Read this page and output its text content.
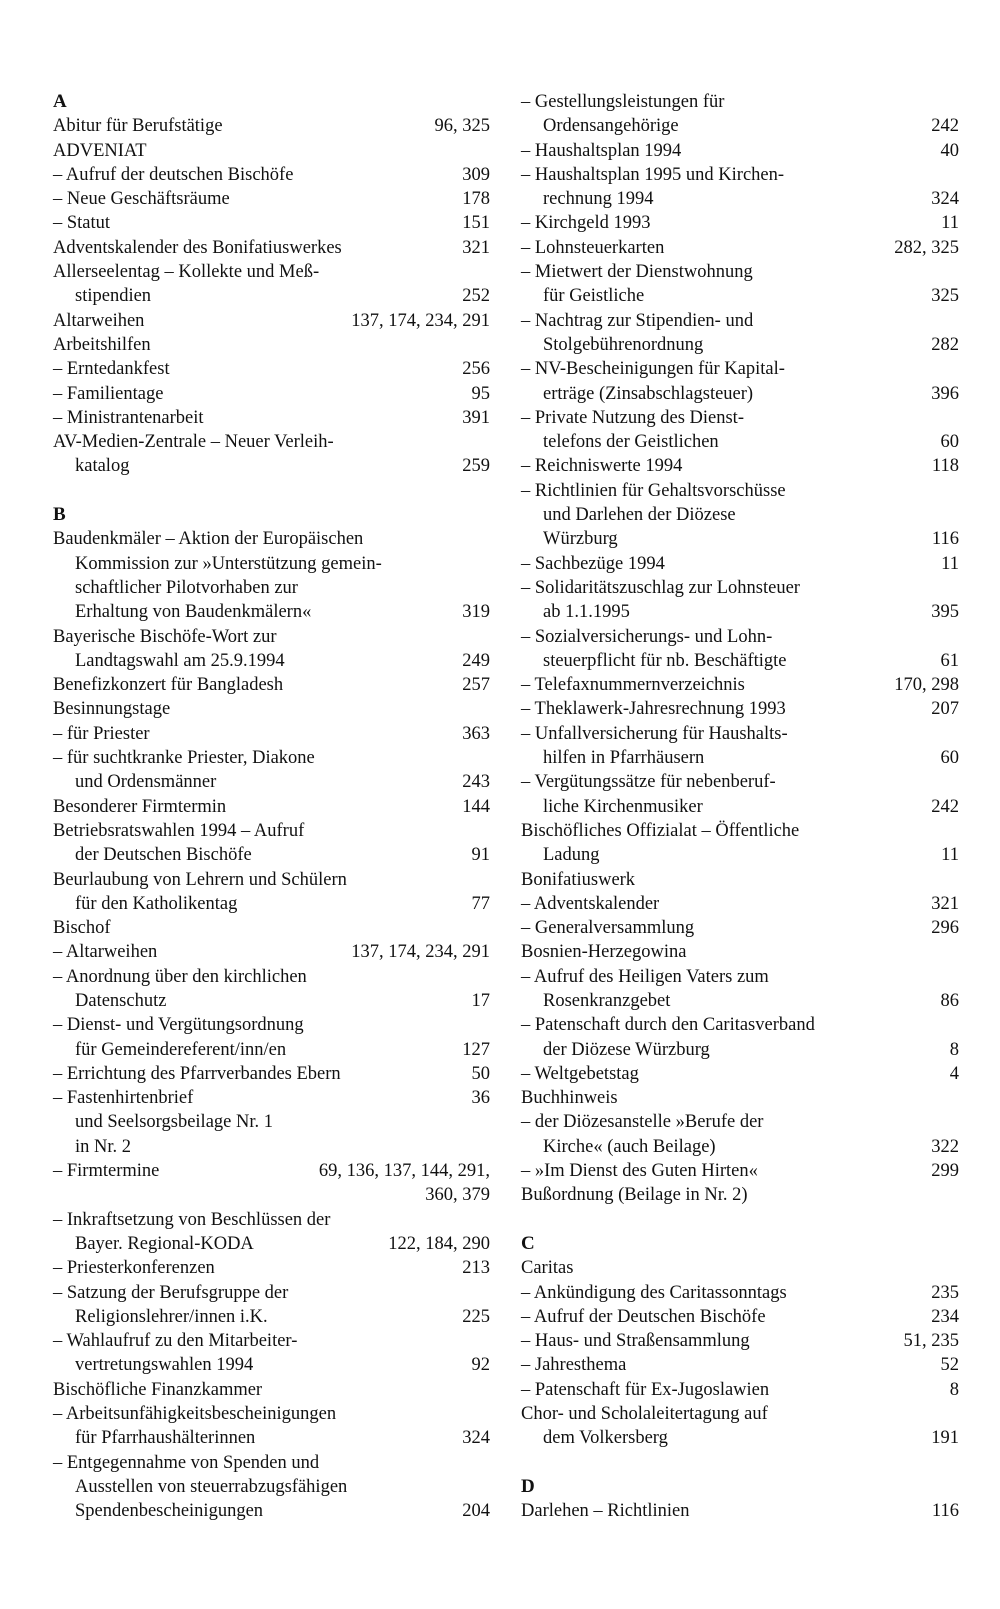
A
Abitur für Berufstätige	96, 325
ADVENIAT
– Aufruf der deutschen Bischöfe	309
– Neue Geschäftsräume	178
– Statut	151
Adventskalender des Bonifatiuswerkes	321
Allerseelentag – Kollekte und Meß-
stipendien	252
Altarweihen	137, 174, 234, 291
Arbeitshilfen
– Erntedankfest	256
– Familientage	95
– Ministrantenarbeit	391
AV-Medien-Zentrale – Neuer Verleih-
katalog	259
B
Baudenkmäler – Aktion der Europäischen
Kommission zur »Unterstützung gemein-
schaftlicher Pilotvorhaben zur
Erhaltung von Baudenkmälern«	319
Bayerische Bischöfe-Wort zur
Landtagswahl am 25.9.1994	249
Benefizkonzert für Bangladesh	257
Besinnungstage
– für Priester	363
– für suchtkranke Priester, Diakone
und Ordensmänner	243
Besonderer Firmtermin	144
Betriebsratswahlen 1994 – Aufruf
der Deutschen Bischöfe	91
Beurlaubung von Lehrern und Schülern
für den Katholikentag	77
Bischof
– Altarweihen	137, 174, 234, 291
– Anordnung über den kirchlichen
Datenschutz	17
– Dienst- und Vergütungsordnung
für Gemeindereferent/inn/en	127
– Errichtung des Pfarrverbandes Ebern	50
– Fastenhirtenbrief	36
und Seelsorgsbeilage Nr. 1
in Nr. 2
– Firmtermine	69, 136, 137, 144, 291,
360, 379
– Inkraftsetzung von Beschlüssen der
Bayer. Regional-KODA	122, 184, 290
– Priesterkonferenzen	213
– Satzung der Berufsgruppe der
Religionslehrer/innen i.K.	225
– Wahlaufruf zu den Mitarbeiter-
vertretungswahlen 1994	92
Bischöfliche Finanzkammer
– Arbeitsunfähigkeitsbescheinigungen
für Pfarrhaushälterinnen	324
– Entgegennahme von Spenden und
Ausstellen von steuerrabzugsfähigen
Spendenbescheinigungen	204
– Gestellungsleistungen für
Ordensangehörige	242
– Haushaltsplan 1994	40
– Haushaltsplan 1995 und Kirchen-
rechnung 1994	324
– Kirchgeld 1993	11
– Lohnsteuerkarten	282, 325
– Mietwert der Dienstwohnung
für Geistliche	325
– Nachtrag zur Stipendien- und
Stolgebührenordnung	282
– NV-Bescheinigungen für Kapital-
erträge (Zinsabschlagsteuer)	396
– Private Nutzung des Dienst-
telefons der Geistlichen	60
– Reichniswerte 1994	118
– Richtlinien für Gehaltsvorschüsse
und Darlehen der Diözese
Würzburg	116
– Sachbezüge 1994	11
– Solidaritätszuschlag zur Lohnsteuer
ab 1.1.1995	395
– Sozialversicherungs- und Lohn-
steuerpflicht für nb. Beschäftigte	61
– Telefaxnummernverzeichnis	170, 298
– Theklawerk-Jahresrechnung 1993	207
– Unfallversicherung für Haushalts-
hilfen in Pfarrhäusern	60
– Vergütungssätze für nebenberuf-
liche Kirchenmusiker	242
Bischöfliches Offizialat – Öffentliche
Ladung	11
Bonifatiuswerk
– Adventskalender	321
– Generalversammlung	296
Bosnien-Herzegowina
– Aufruf des Heiligen Vaters zum
Rosenkranzgebet	86
– Patenschaft durch den Caritasverband
der Diözese Würzburg	8
– Weltgebetstag	4
Buchhinweis
– der Diözesanstelle »Berufe der
Kirche« (auch Beilage)	322
– »Im Dienst des Guten Hirten«	299
Bußordnung (Beilage in Nr. 2)
C
Caritas
– Ankündigung des Caritassonntags	235
– Aufruf der Deutschen Bischöfe	234
– Haus- und Straßensammlung	51, 235
– Jahresthema	52
– Patenschaft für Ex-Jugoslawien	8
Chor- und Scholaleitertagung auf
dem Volkersberg	191
D
Darlehen – Richtlinien	116
